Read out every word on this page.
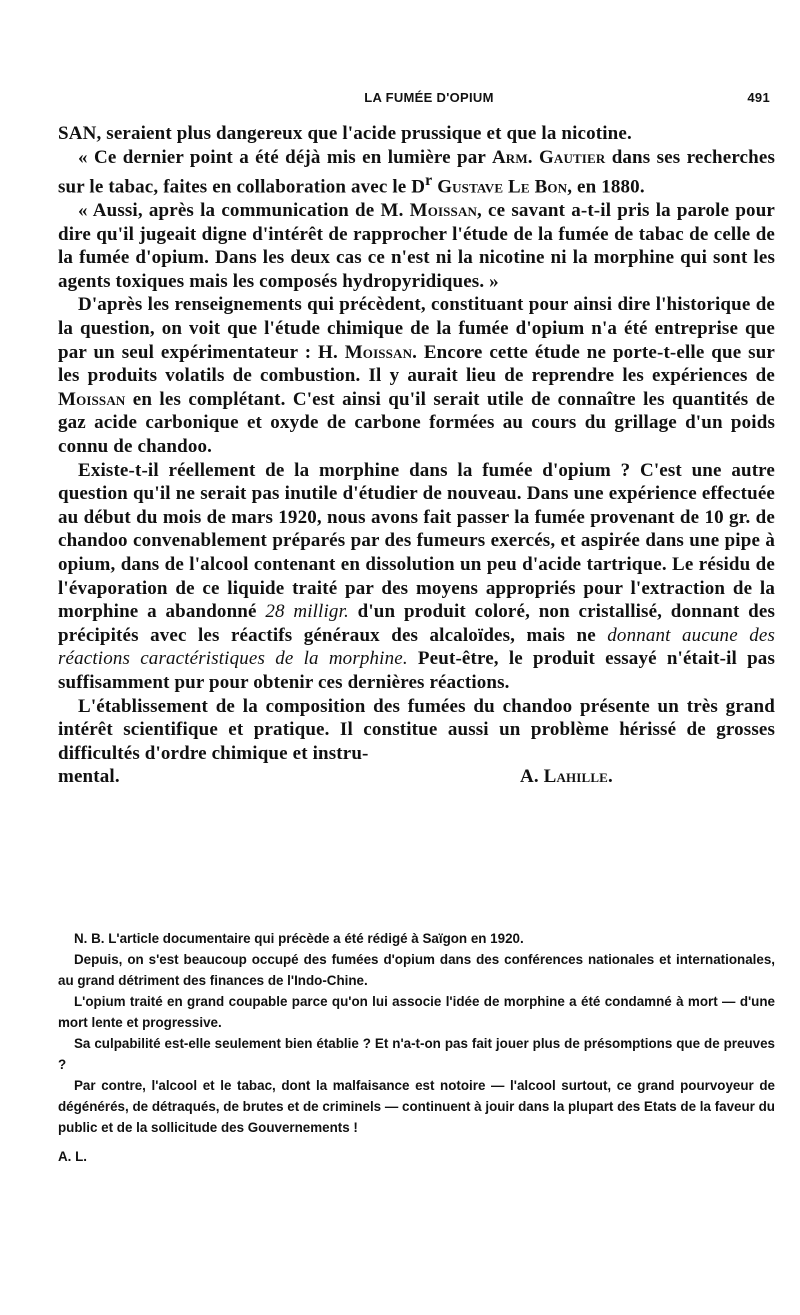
LA FUMÉE D'OPIUM	491

SAN, seraient plus dangereux que l'acide prussique et que la nicotine.

« Ce dernier point a été déjà mis en lumière par Arm. Gautier dans ses recherches sur le tabac, faites en collaboration avec le $D^r$ Gustave Le Bon, en 1880.

« Aussi, après la communication de M. Moissan, ce savant a-t-il pris la parole pour dire qu'il jugeait digne d'intérêt de rapprocher l'étude de la fumée de tabac de celle de la fumée d'opium. Dans les deux cas ce n'est ni la nicotine ni la morphine qui sont les agents toxiques mais les composés hydropyridiques. »

D'après les renseignements qui précèdent, constituant pour ainsi dire l'historique de la question, on voit que l'étude chimique de la fumée d'opium n'a été entreprise que par un seul expérimentateur : H. Moissan. Encore cette étude ne porte-t-elle que sur les produits volatils de combustion. Il y aurait lieu de reprendre les expériences de Moissan en les complétant. C'est ainsi qu'il serait utile de connaître les quantités de gaz acide carbonique et oxyde de carbone formées au cours du grillage d'un poids connu de chandoo.

Existe-t-il réellement de la morphine dans la fumée d'opium ? C'est une autre question qu'il ne serait pas inutile d'étudier de nouveau. Dans une expérience effectuée au début du mois de mars 1920, nous avons fait passer la fumée provenant de 10 gr. de chandoo convenablement préparés par des fumeurs exercés, et aspirée dans une pipe à opium, dans de l'alcool contenant en dissolution un peu d'acide tartrique. Le résidu de l'évaporation de ce liquide traité par des moyens appropriés pour l'extraction de la morphine a abandonné 28 milligr. d'un produit coloré, non cristallisé, donnant des précipités avec les réactifs généraux des alcaloïdes, mais ne donnant aucune des réactions caractéristiques de la morphine. Peut-être, le produit essayé n'était-il pas suffisamment pur pour obtenir ces dernières réactions.

L'établissement de la composition des fumées du chandoo présente un très grand intérêt scientifique et pratique. Il constitue aussi un problème hérissé de grosses difficultés d'ordre chimique et instru-

mental.	A. Lahille.

N. B. L'article documentaire qui précède a été rédigé à Saïgon en 1920.

Depuis, on s'est beaucoup occupé des fumées d'opium dans des conférences nationales et internationales, au grand détriment des finances de l'Indo-Chine.

L'opium traité en grand coupable parce qu'on lui associe l'idée de morphine a été condamné à mort — d'une mort lente et progressive.

Sa culpabilité est-elle seulement bien établie ? Et n'a-t-on pas fait jouer plus de présomptions que de preuves ?

Par contre, l'alcool et le tabac, dont la malfaisance est notoire — l'alcool surtout, ce grand pourvoyeur de dégénérés, de détraqués, de brutes et de criminels — continuent à jouir dans la plupart des Etats de la faveur du public et de la sollicitude des Gouvernements !

A. L.
